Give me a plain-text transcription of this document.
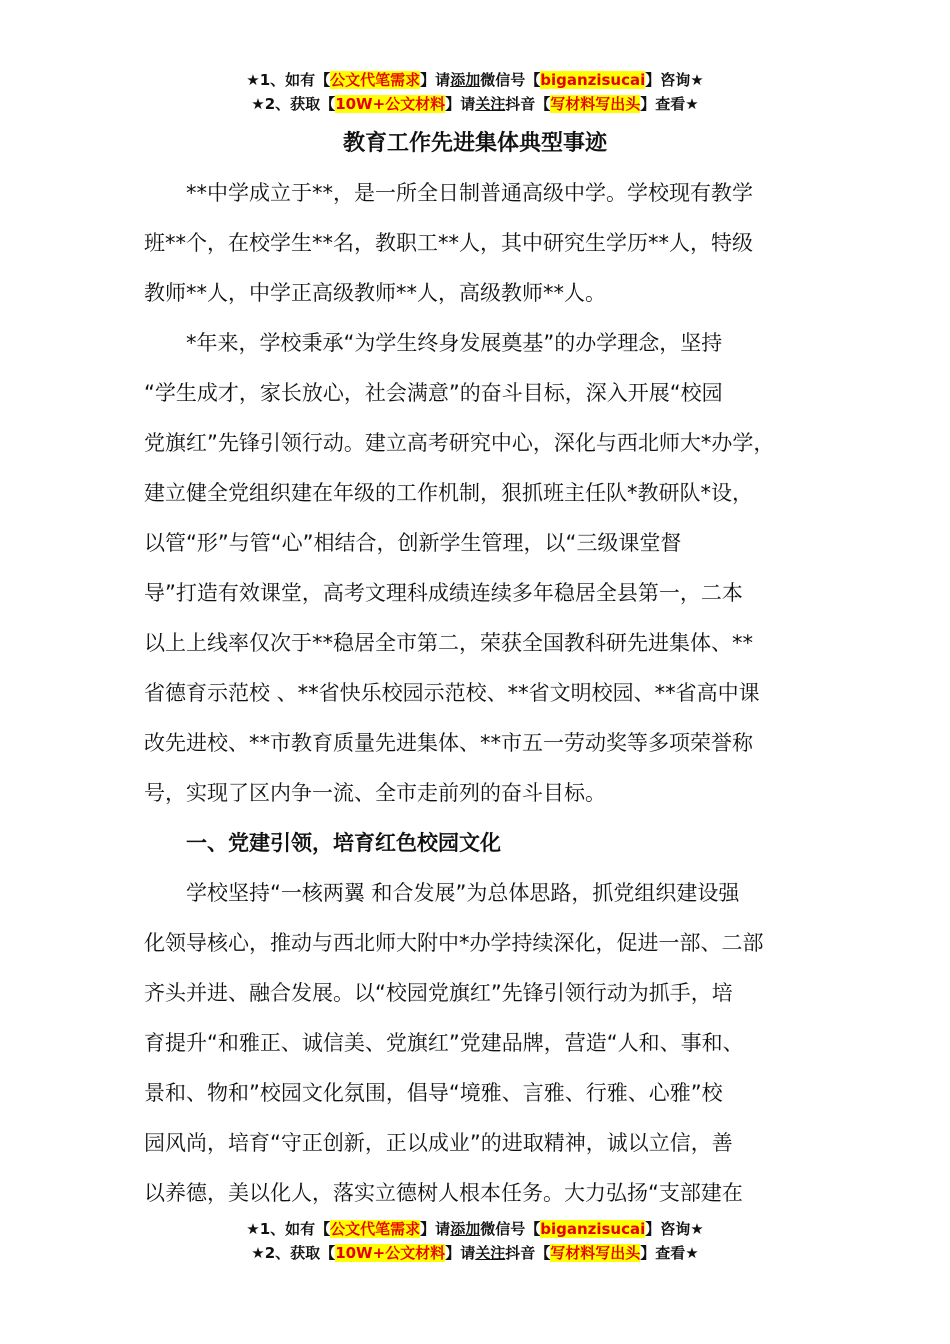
★1、如有【公文代笔需求】请添加微信号【biganzisucai】咨询★
★2、获取【10W+公文材料】请关注抖音【写材料写出头】查看★
教育工作先进集体典型事迹
　　**中学成立于**，是一所全日制普通高级中学。学校现有教学
班**个，在校学生**名，教职工**人，其中研究生学历**人，特级
教师**人，中学正高级教师**人，高级教师**人。
　　*年来，学校秉承“为学生终身发展奠基”的办学理念，坚持
“学生成才，家长放心，社会满意”的奋斗目标，深入开展“校园
党旗红”先锋引领行动。建立高考研究中心，深化与西北师大*办学，
建立健全党组织建在年级的工作机制，狠抓班主任队*教研队*设，
以管“形”与管“心”相结合，创新学生管理，以“三级课堂督
导”打造有效课堂，高考文理科成绩连续多年稳居全县第一，二本
以上上线率仅次于**稳居全市第二，荣获全国教科研先进集体、**
省德育示范校 、**省快乐校园示范校、**省文明校园、**省高中课
改先进校、**市教育质量先进集体、**市五一劳动奖等多项荣誉称
号，实现了区内争一流、全市走前列的奋斗目标。
　　一、党建引领，培育红色校园文化
　　学校坚持“一核两翼 和合发展”为总体思路，抓党组织建设强
化领导核心，推动与西北师大附中*办学持续深化，促进一部、二部
齐头并进、融合发展。以“校园党旗红”先锋引领行动为抓手，培
育提升“和雅正、诚信美、党旗红”党建品牌，营造“人和、事和、
景和、物和”校园文化氛围，倡导“境雅、言雅、行雅、心雅”校
园风尚，培育“守正创新，正以成业”的进取精神，诚以立信，善
以养德，美以化人，落实立德树人根本任务。大力弘扬“支部建在
★1、如有【公文代笔需求】请添加微信号【biganzisucai】咨询★
★2、获取【10W+公文材料】请关注抖音【写材料写出头】查看★
